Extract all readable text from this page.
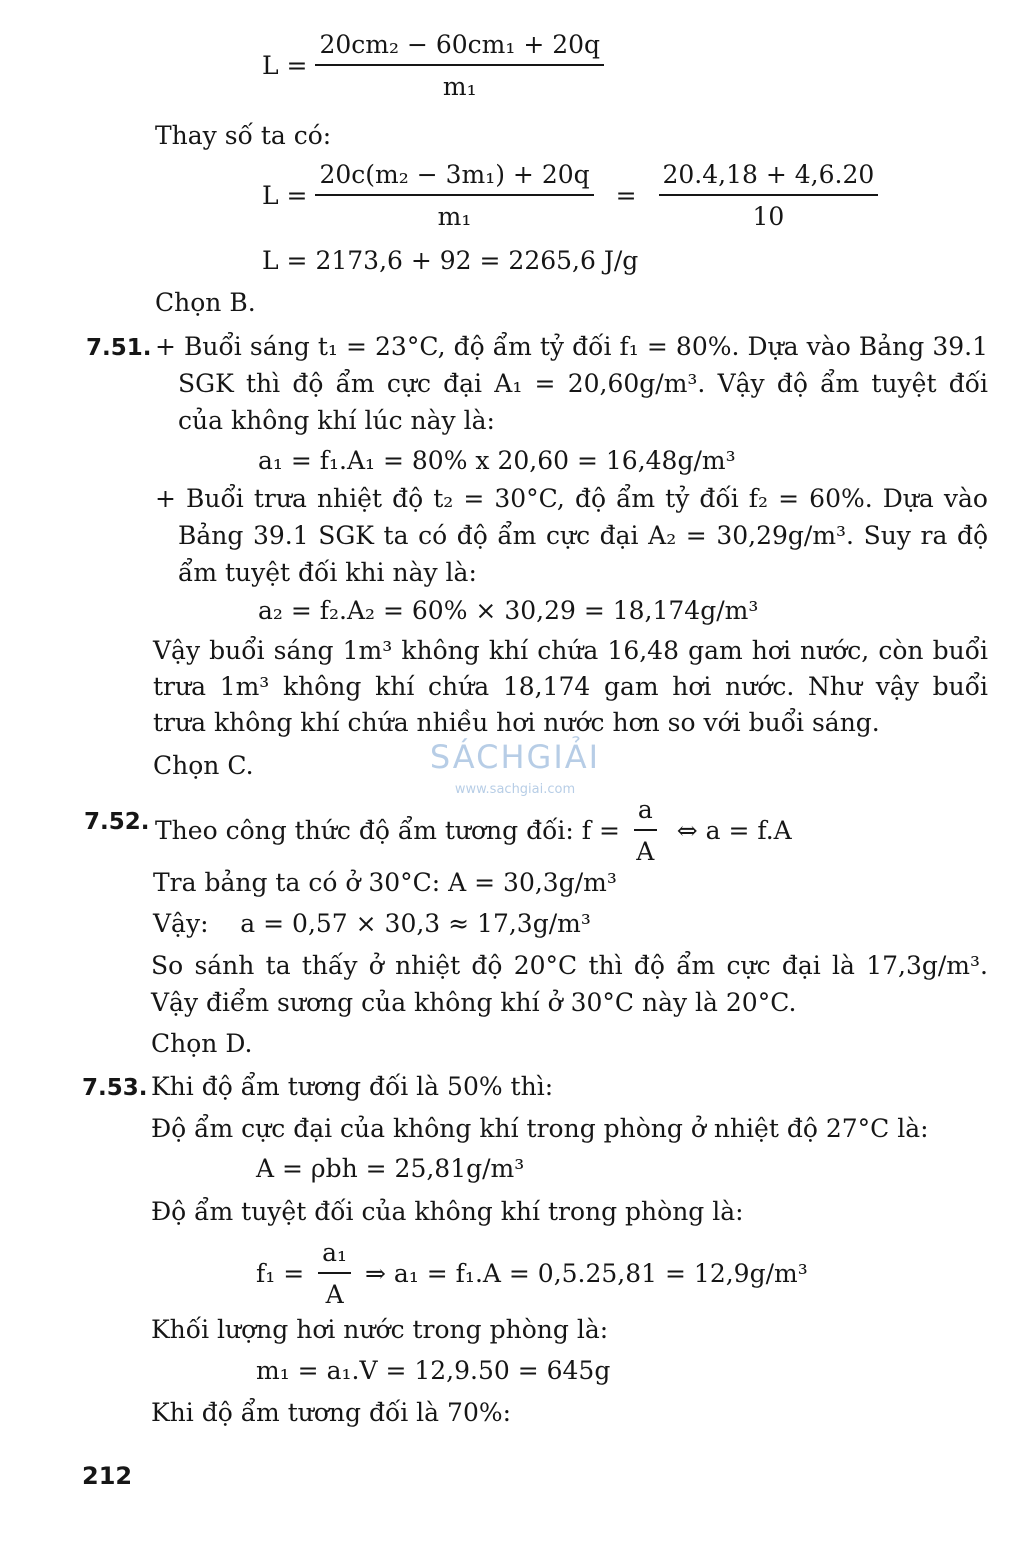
$L = \frac{\text{20cm₂ − 60cm₁ + 20q}}{\text{m₁}}$
Thay số ta có:
$L = \frac{\text{20c(m₂ − 3m₁) + 20q}}{\text{m₁}} = \frac{20.4,18 + 4,6.20}{10}$
L = 2173,6 + 92 = 2265,6 J/g
Chọn B.
7.51. + Buổi sáng t₁ = 23°C, độ ẩm tỷ đối f₁ = 80%. Dựa vào Bảng 39.1
SGK thì độ ẩm cực đại A₁ = 20,60g/m³. Vậy độ ẩm tuyệt đối
của không khí lúc này là:
a₁ = f₁.A₁ = 80% x 20,60 = 16,48g/m³
+ Buổi trưa nhiệt độ t₂ = 30°C, độ ẩm tỷ đối f₂ = 60%. Dựa vào
Bảng 39.1 SGK ta có độ ẩm cực đại A₂ = 30,29g/m³. Suy ra độ
ẩm tuyệt đối khi này là:
a₂ = f₂.A₂ = 60% × 30,29 = 18,174g/m³
Vậy buổi sáng 1m³ không khí chứa 16,48 gam hơi nước, còn buổi
trưa 1m³ không khí chứa 18,174 gam hơi nước. Như vậy buổi
trưa không khí chứa nhiều hơi nước hơn so với buổi sáng.
Chọn C.	SÁCHGIẢI
www.sachgiai.com
7.52. Theo công thức độ ẩm tương đối: $f = \frac{a}{A}$ ⇔ a = f.A
Tra bảng ta có ở 30°C: A = 30,3g/m³
Vậy:    a = 0,57 × 30,3 ≈ 17,3g/m³
So sánh ta thấy ở nhiệt độ 20°C thì độ ẩm cực đại là 17,3g/m³.
Vậy điểm sương của không khí ở 30°C này là 20°C.
Chọn D.
7.53. Khi độ ẩm tương đối là 50% thì:
Độ ẩm cực đại của không khí trong phòng ở nhiệt độ 27°C là:
A = ρbh = 25,81g/m³
Độ ẩm tuyệt đối của không khí trong phòng là:
$f_1 = \frac{\text{a₁}}{A}$ ⇒ a₁ = f₁.A = 0,5.25,81 = 12,9g/m³
Khối lượng hơi nước trong phòng là:
m₁ = a₁.V = 12,9.50 = 645g
Khi độ ẩm tương đối là 70%:
212
